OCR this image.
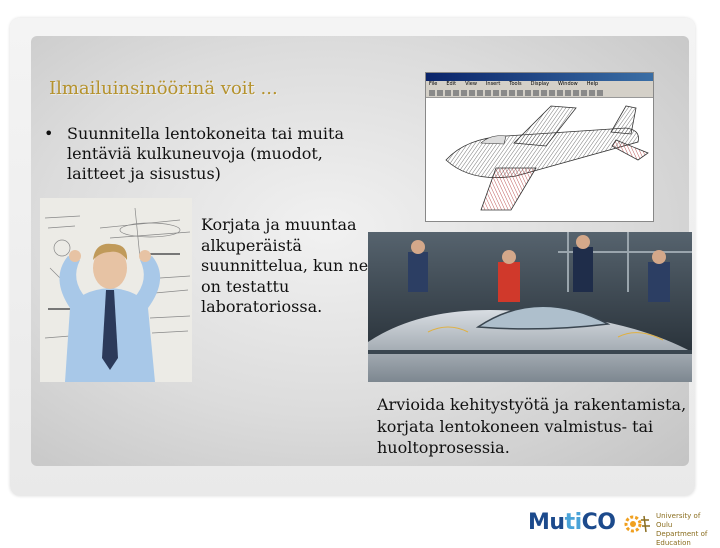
Ilmailuinsinöörinä voit ...
• Suunnitella lentokoneita tai muita lentäviä kulkuneuvoja (muodot, laitteet ja sisustus)
File Edit View Insert Tools Display Window Help
Korjata ja muuntaa alkuperäistä suunnittelua, kun ne on testattu laboratoriossa.
Arvioida kehitystyötä ja rakentamista, korjata lentokoneen valmistus- tai huoltoprosessia.
MutiCO	University of Oulu
Department of Education
